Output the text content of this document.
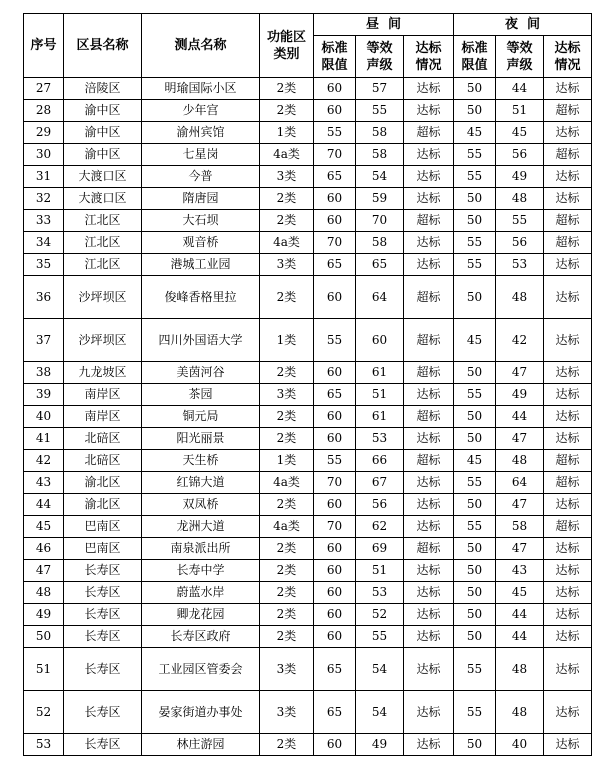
序号	区县名称	测点名称	功能区类别	昼  间			夜  间		
				标准限值	等效声级	达标情况	标准限值	等效声级	达标情况
27	涪陵区	明瑜国际小区	2类	60	57	达标	50	44	达标
28	渝中区	少年宫	2类	60	55	达标	50	51	超标
29	渝中区	渝州宾馆	1类	55	58	超标	45	45	达标
30	渝中区	七星岗	4a类	70	58	达标	55	56	超标
31	大渡口区	今普	3类	65	54	达标	55	49	达标
32	大渡口区	隋唐园	2类	60	59	达标	50	48	达标
33	江北区	大石坝	2类	60	70	超标	50	55	超标
34	江北区	观音桥	4a类	70	58	达标	55	56	超标
35	江北区	港城工业园	3类	65	65	达标	55	53	达标
36	沙坪坝区	俊峰香格里拉	2类	60	64	超标	50	48	达标
37	沙坪坝区	四川外国语大学	1类	55	60	超标	45	42	达标
38	九龙坡区	美茵河谷	2类	60	61	超标	50	47	达标
39	南岸区	茶园	3类	65	51	达标	55	49	达标
40	南岸区	铜元局	2类	60	61	超标	50	44	达标
41	北碚区	阳光丽景	2类	60	53	达标	50	47	达标
42	北碚区	天生桥	1类	55	66	超标	45	48	超标
43	渝北区	红锦大道	4a类	70	67	达标	55	64	超标
44	渝北区	双凤桥	2类	60	56	达标	50	47	达标
45	巴南区	龙洲大道	4a类	70	62	达标	55	58	超标
46	巴南区	南泉派出所	2类	60	69	超标	50	47	达标
47	长寿区	长寿中学	2类	60	51	达标	50	43	达标
48	长寿区	蔚蓝水岸	2类	60	53	达标	50	45	达标
49	长寿区	卿龙花园	2类	60	52	达标	50	44	达标
50	长寿区	长寿区政府	2类	60	55	达标	50	44	达标
51	长寿区	工业园区管委会	3类	65	54	达标	55	48	达标
52	长寿区	晏家街道办事处	3类	65	54	达标	55	48	达标
53	长寿区	林庄游园	2类	60	49	达标	50	40	达标
